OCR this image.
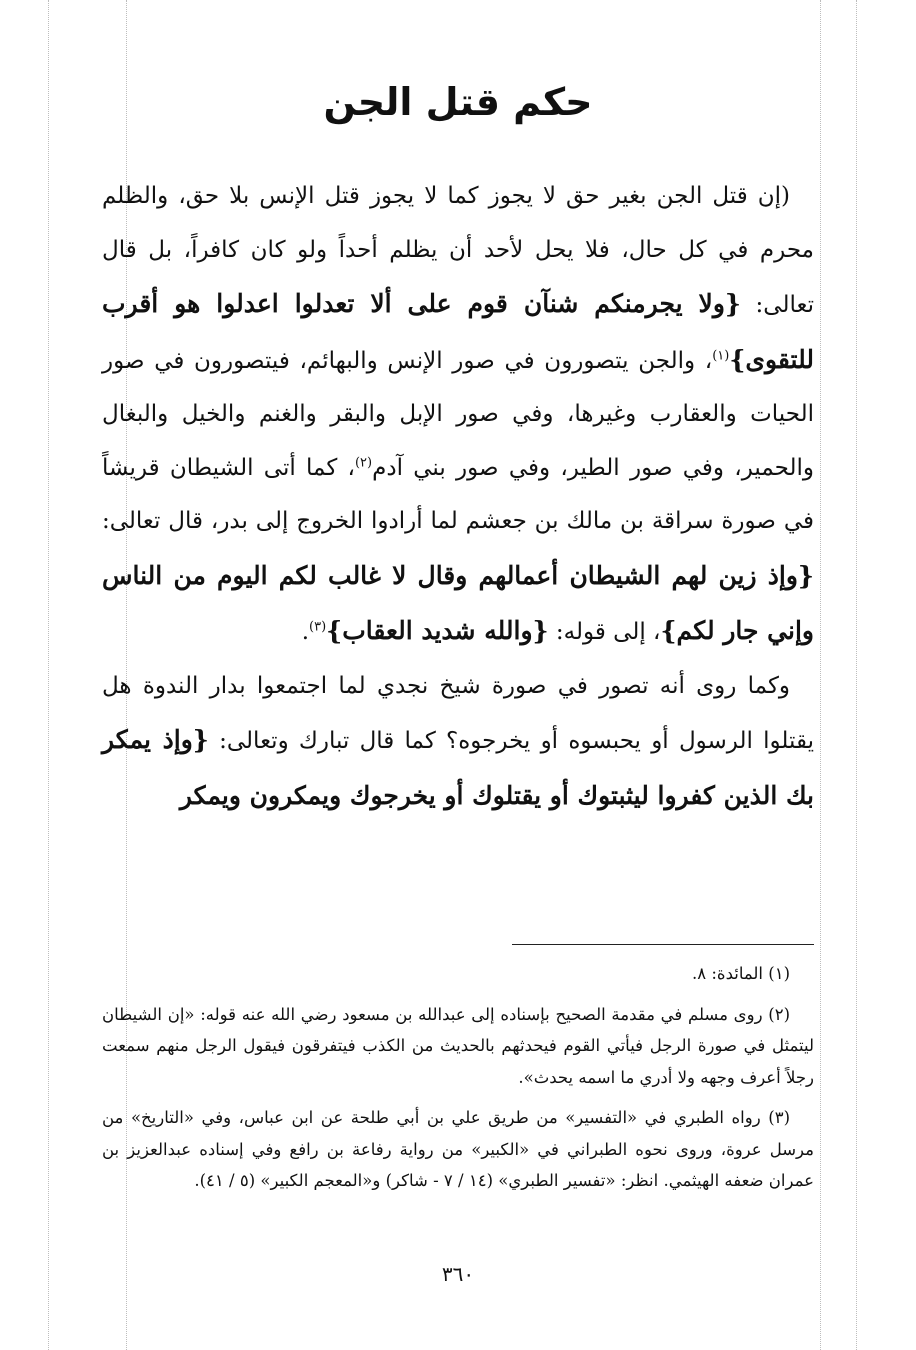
حكم قتل الجن

(إن قتل الجن بغير حق لا يجوز كما لا يجوز قتل الإنس بلا حق، والظلم محرم في كل حال، فلا يحل لأحد أن يظلم أحداً ولو كان كافراً، بل قال تعالى: {ولا يجرمنكم شنآن قوم على ألا تعدلوا اعدلوا هو أقرب للتقوى}$^{(١)}$، والجن يتصورون في صور الإنس والبهائم، فيتصورون في صور الحيات والعقارب وغيرها، وفي صور الإبل والبقر والغنم والخيل والبغال والحمير، وفي صور الطير، وفي صور بني آدم$^{(٢)}$، كما أتى الشيطان قريشاً في صورة سراقة بن مالك بن جعشم لما أرادوا الخروج إلى بدر، قال تعالى: {وإذ زين لهم الشيطان أعمالهم وقال لا غالب لكم اليوم من الناس وإني جار لكم}، إلى قوله: {والله شديد العقاب}$^{(٣)}$.

وكما روى أنه تصور في صورة شيخ نجدي لما اجتمعوا بدار الندوة هل يقتلوا الرسول أو يحبسوه أو يخرجوه؟ كما قال تبارك وتعالى: {وإذ يمكر بك الذين كفروا ليثبتوك أو يقتلوك أو يخرجوك ويمكرون ويمكر

(١) المائدة: ٨.

(٢) روى مسلم في مقدمة الصحيح بإسناده إلى عبدالله بن مسعود رضي الله عنه قوله: «إن الشيطان ليتمثل في صورة الرجل فيأتي القوم فيحدثهم بالحديث من الكذب فيتفرقون فيقول الرجل منهم سمعت رجلاً أعرف وجهه ولا أدري ما اسمه يحدث».

(٣) رواه الطبري في «التفسير» من طريق علي بن أبي طلحة عن ابن عباس، وفي «التاريخ» من مرسل عروة، وروى نحوه الطبراني في «الكبير» من رواية رفاعة بن رافع وفي إسناده عبدالعزيز بن عمران ضعفه الهيثمي. انظر: «تفسير الطبري» (١٤ / ٧ - شاكر) و«المعجم الكبير» (٥ / ٤١).

٣٦٠
